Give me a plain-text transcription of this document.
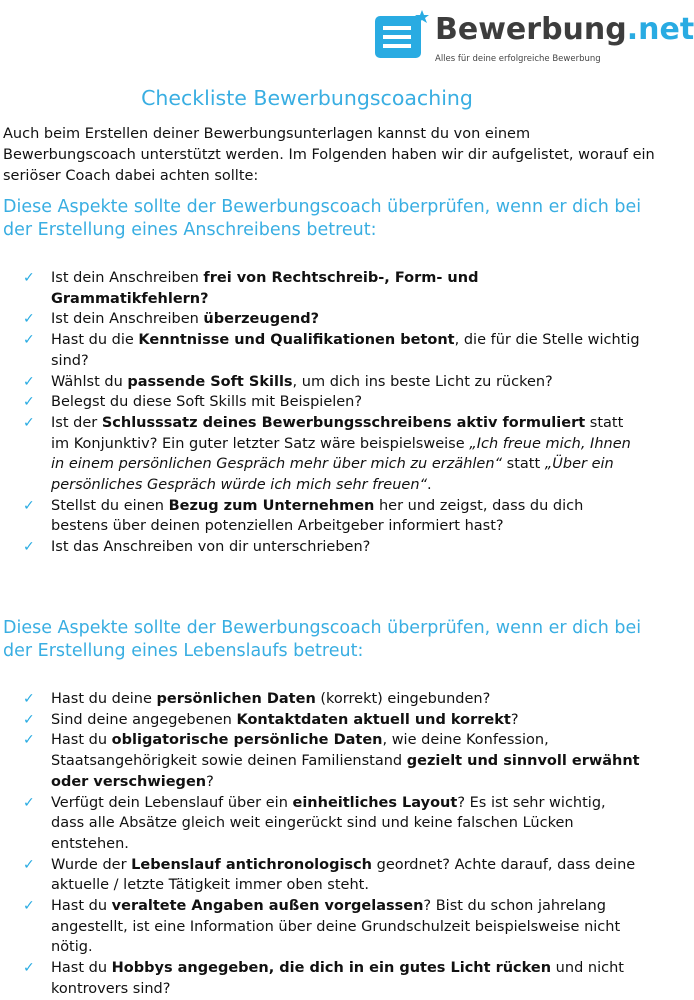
Bewerbung.net
Alles für deine erfolgreiche Bewerbung
Checkliste Bewerbungscoaching
Auch beim Erstellen deiner Bewerbungsunterlagen kannst du von einem Bewerbungscoach unterstützt werden. Im Folgenden haben wir dir aufgelistet, worauf ein seriöser Coach dabei achten sollte:
Diese Aspekte sollte der Bewerbungscoach überprüfen, wenn er dich bei der Erstellung eines Anschreibens betreut:
✓ Ist dein Anschreiben frei von Rechtschreib-, Form- und Grammatikfehlern?
✓ Ist dein Anschreiben überzeugend?
✓ Hast du die Kenntnisse und Qualifikationen betont, die für die Stelle wichtig sind?
✓ Wählst du passende Soft Skills, um dich ins beste Licht zu rücken?
✓ Belegst du diese Soft Skills mit Beispielen?
✓ Ist der Schlusssatz deines Bewerbungsschreibens aktiv formuliert statt im Konjunktiv? Ein guter letzter Satz wäre beispielsweise „Ich freue mich, Ihnen in einem persönlichen Gespräch mehr über mich zu erzählen“ statt „Über ein persönliches Gespräch würde ich mich sehr freuen“.
✓ Stellst du einen Bezug zum Unternehmen her und zeigst, dass du dich bestens über deinen potenziellen Arbeitgeber informiert hast?
✓ Ist das Anschreiben von dir unterschrieben?
Diese Aspekte sollte der Bewerbungscoach überprüfen, wenn er dich bei der Erstellung eines Lebenslaufs betreut:
✓ Hast du deine persönlichen Daten (korrekt) eingebunden?
✓ Sind deine angegebenen Kontaktdaten aktuell und korrekt?
✓ Hast du obligatorische persönliche Daten, wie deine Konfession, Staatsangehörigkeit sowie deinen Familienstand gezielt und sinnvoll erwähnt oder verschwiegen?
✓ Verfügt dein Lebenslauf über ein einheitliches Layout? Es ist sehr wichtig, dass alle Absätze gleich weit eingerückt sind und keine falschen Lücken entstehen.
✓ Wurde der Lebenslauf antichronologisch geordnet? Achte darauf, dass deine aktuelle / letzte Tätigkeit immer oben steht.
✓ Hast du veraltete Angaben außen vorgelassen? Bist du schon jahrelang angestellt, ist eine Information über deine Grundschulzeit beispielsweise nicht nötig.
✓ Hast du Hobbys angegeben, die dich in ein gutes Licht rücken und nicht kontrovers sind?
